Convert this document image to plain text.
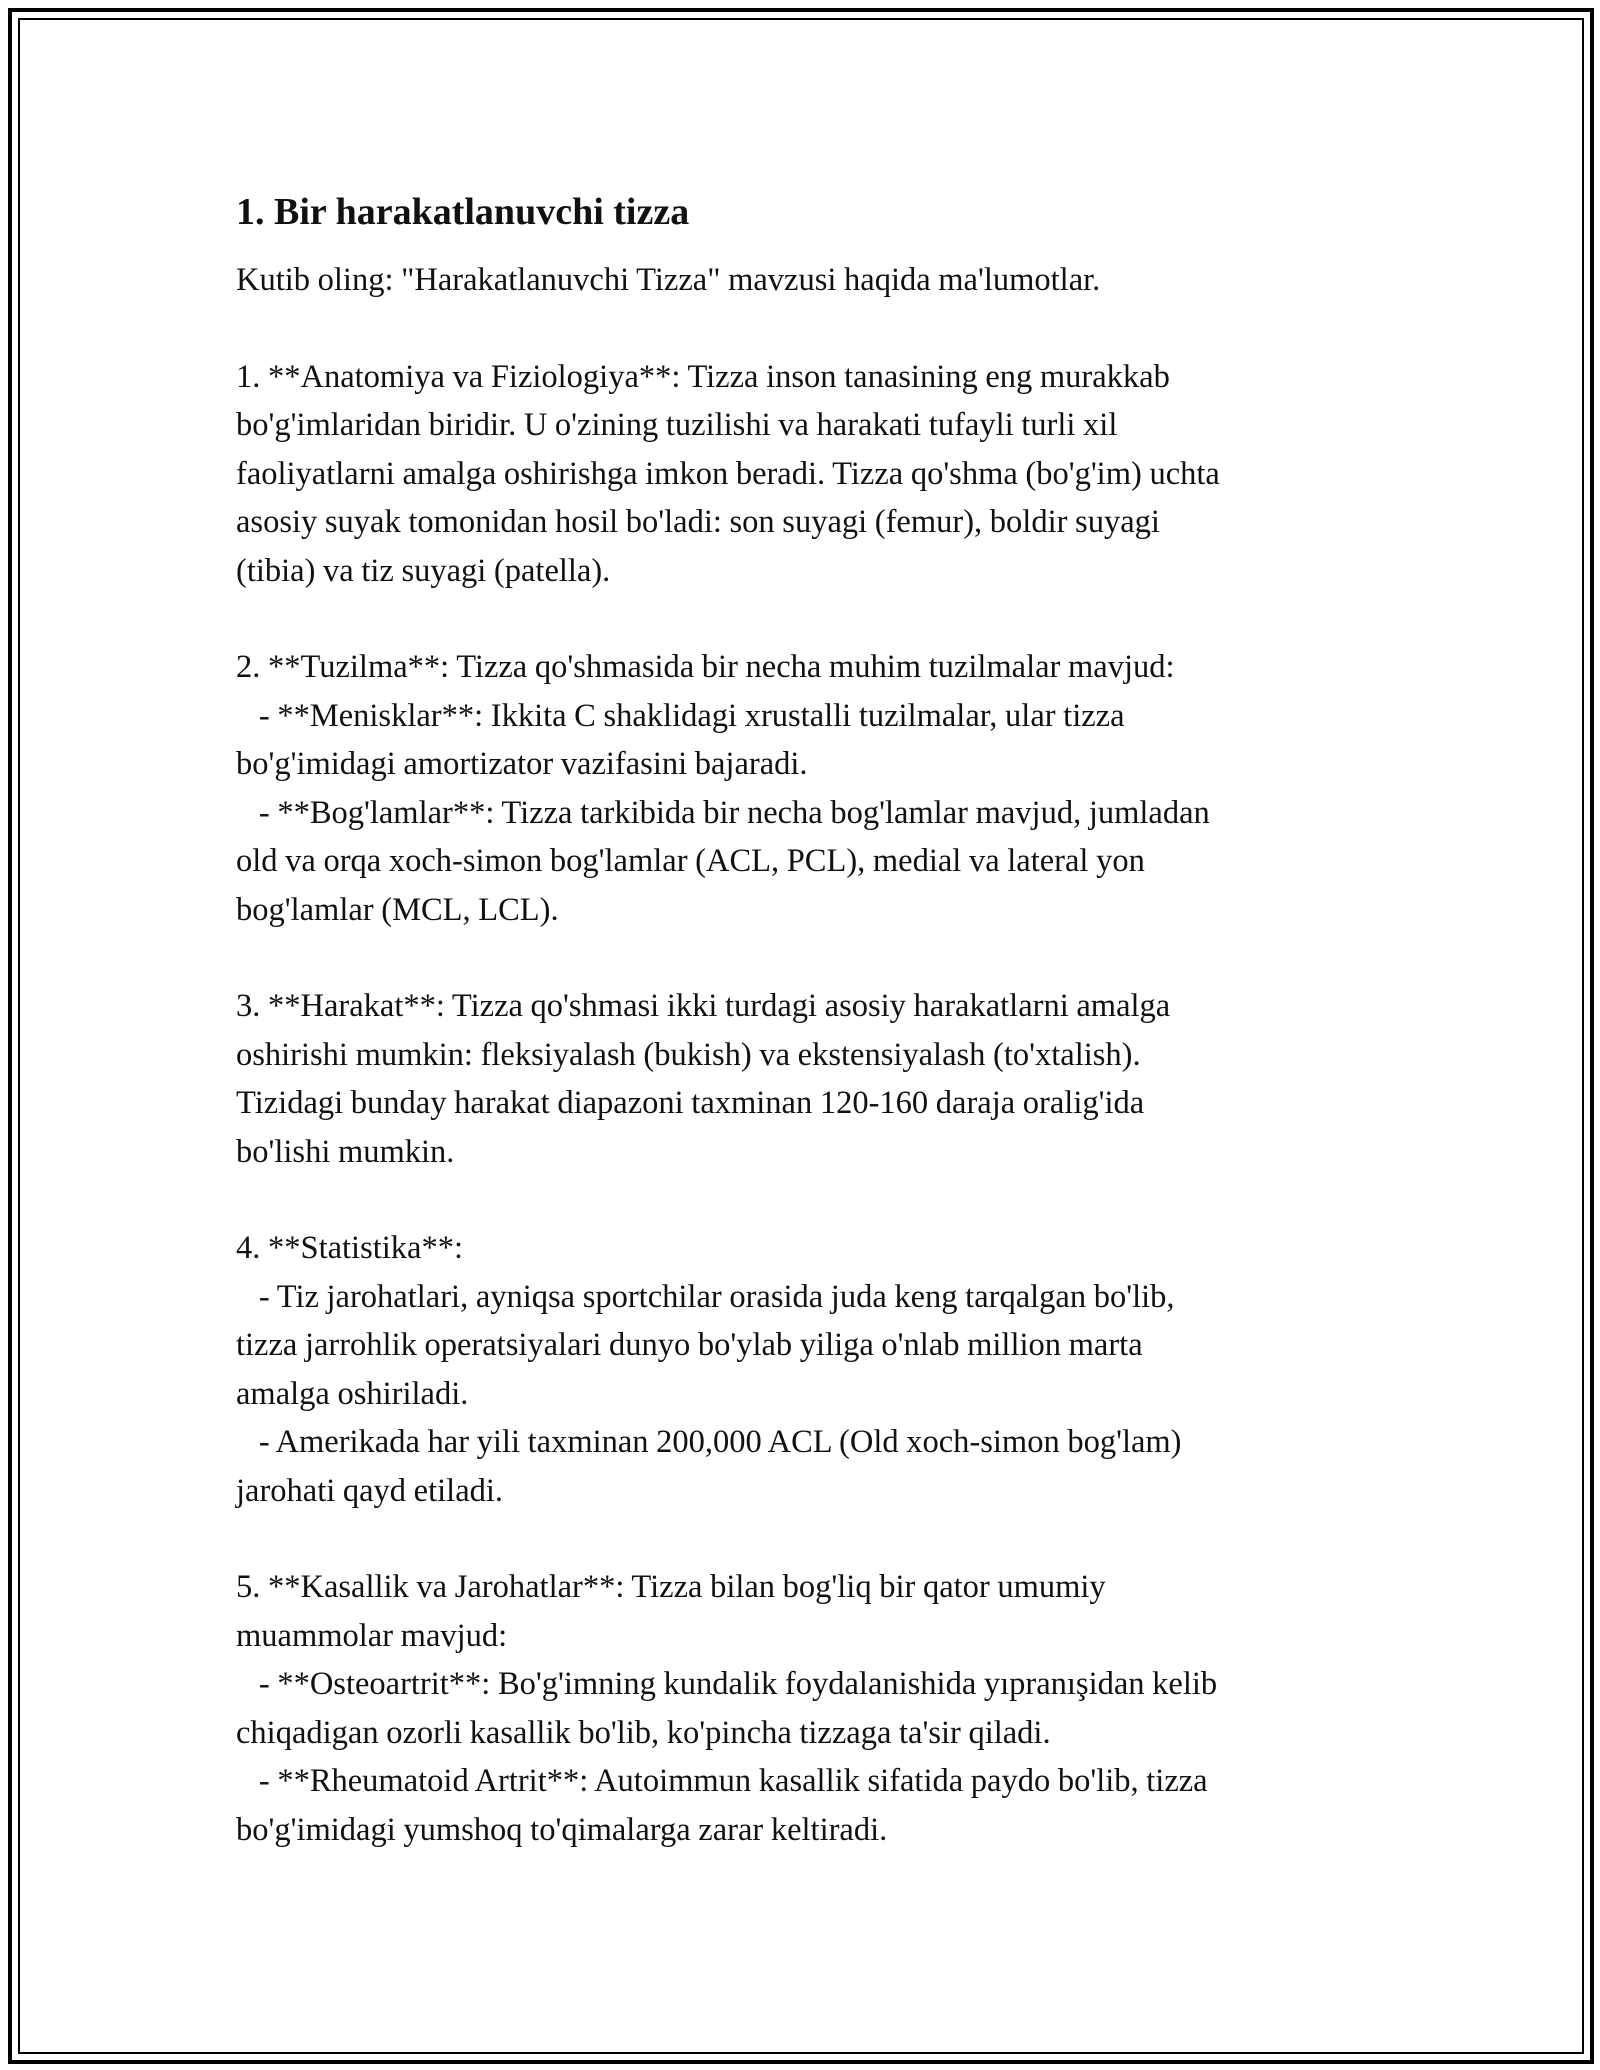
1. Bir harakatlanuvchi tizza

Kutib oling: "Harakatlanuvchi Tizza" mavzusi haqida ma'lumotlar.

1. **Anatomiya va Fiziologiya**: Tizza inson tanasining eng murakkab
bo'g'imlaridan biridir. U o'zining tuzilishi va harakati tufayli turli xil
faoliyatlarni amalga oshirishga imkon beradi. Tizza qo'shma (bo'g'im) uchta
asosiy suyak tomonidan hosil bo'ladi: son suyagi (femur), boldir suyagi
(tibia) va tiz suyagi (patella).

2. **Tuzilma**: Tizza qo'shmasida bir necha muhim tuzilmalar mavjud:
- **Menisklar**: Ikkita C shaklidagi xrustalli tuzilmalar, ular tizza
bo'g'imidagi amortizator vazifasini bajaradi.
- **Bog'lamlar**: Tizza tarkibida bir necha bog'lamlar mavjud, jumladan
old va orqa xoch-simon bog'lamlar (ACL, PCL), medial va lateral yon
bog'lamlar (MCL, LCL).

3. **Harakat**: Tizza qo'shmasi ikki turdagi asosiy harakatlarni amalga
oshirishi mumkin: fleksiyalash (bukish) va ekstensiyalash (to'xtalish).
Tizidagi bunday harakat diapazoni taxminan 120-160 daraja oralig'ida
bo'lishi mumkin.

4. **Statistika**:
- Tiz jarohatlari, ayniqsa sportchilar orasida juda keng tarqalgan bo'lib,
tizza jarrohlik operatsiyalari dunyo bo'ylab yiliga o'nlab million marta
amalga oshiriladi.
- Amerikada har yili taxminan 200,000 ACL (Old xoch-simon bog'lam)
jarohati qayd etiladi.

5. **Kasallik va Jarohatlar**: Tizza bilan bog'liq bir qator umumiy
muammolar mavjud:
- **Osteoartrit**: Bo'g'imning kundalik foydalanishida yıpranışidan kelib
chiqadigan ozorli kasallik bo'lib, ko'pincha tizzaga ta'sir qiladi.
- **Rheumatoid Artrit**: Autoimmun kasallik sifatida paydo bo'lib, tizza
bo'g'imidagi yumshoq to'qimalarga zarar keltiradi.
